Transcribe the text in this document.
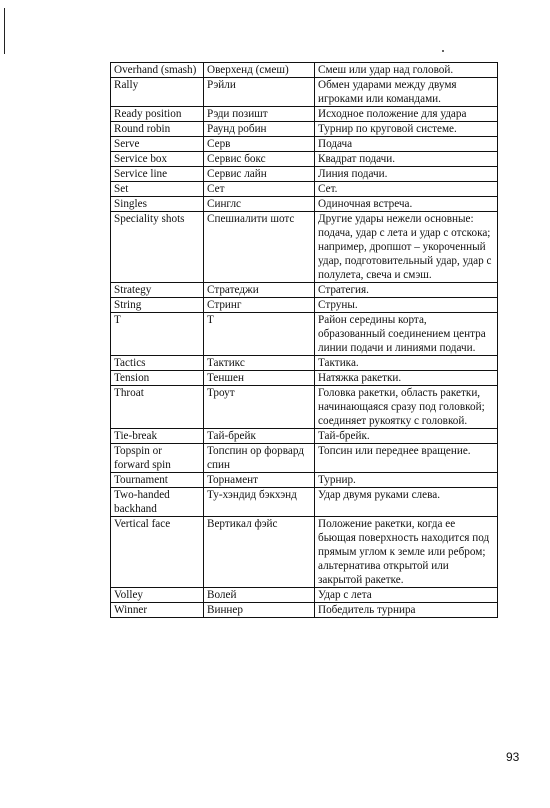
Overhand (smash)	Оверхенд (смеш)	Смеш или удар над головой.
Rally	Рэйли	Обмен ударами между двумя игроками или командами.
Ready position	Рэди позишт	Исходное положение для удара
Round robin	Раунд робин	Турнир по круговой системе.
Serve	Серв	Подача
Service box	Сервис бокс	Квадрат подачи.
Service line	Сервис лайн	Линия подачи.
Set	Сет	Сет.
Singles	Синглс	Одиночная встреча.
Speciality shots	Спешиалити шотс	Другие удары нежели основные: подача, удар с лета и удар с отскока; например, дропшот – укороченный удар, подготовительный удар, удар с полулета, свеча и смэш.
Strategy	Стратеджи	Стратегия.
String	Стринг	Струны.
T	Т	Район середины корта, образованный соединением центра линии подачи и линиями подачи.
Tactics	Тактикс	Тактика.
Tension	Теншен	Натяжка ракетки.
Throat	Троут	Головка ракетки, область ракетки, начинающаяся сразу под головкой; соединяет рукоятку с головкой.
Tie-break	Тай-брейк	Тай-брейк.
Topspin or forward spin	Топспин ор форвард спин	Топсин или переднее вращение.
Tournament	Торнамент	Турнир.
Two-handed backhand	Ту-хэндид бэкхэнд	Удар двумя руками слева.
Vertical face	Вертикал фэйс	Положение ракетки, когда ее бьющая поверхность находится под прямым углом к земле или ребром; альтернатива открытой или закрытой ракетке.
Volley	Волей	Удар с лета
Winner	Виннер	Победитель турнира
93
